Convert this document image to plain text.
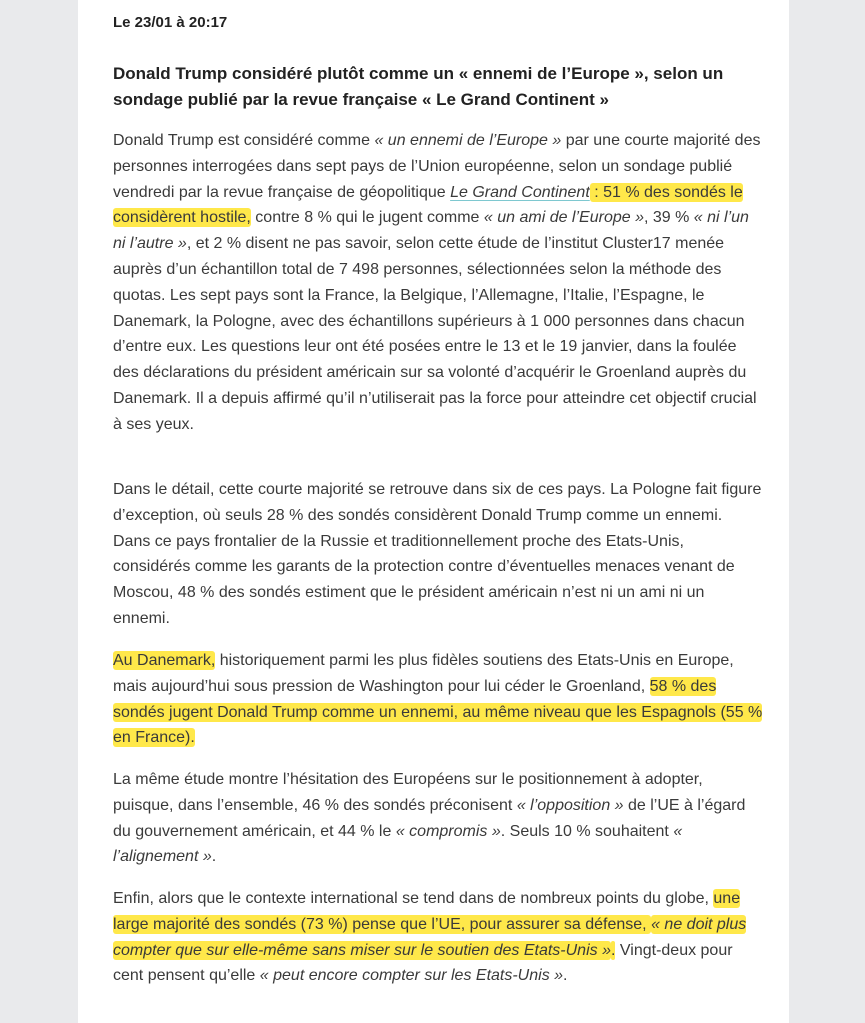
Le 23/01 à 20:17
Donald Trump considéré plutôt comme un « ennemi de l’Europe », selon un sondage publié par la revue française « Le Grand Continent »

Donald Trump est considéré comme « un ennemi de l’Europe » par une courte majorité des personnes interrogées dans sept pays de l’Union européenne, selon un sondage publié vendredi par la revue française de géopolitique Le Grand Continent : 51 % des sondés le considèrent hostile, contre 8 % qui le jugent comme « un ami de l’Europe », 39 % « ni l’un ni l’autre », et 2 % disent ne pas savoir, selon cette étude de l’institut Cluster17 menée auprès d’un échantillon total de 7 498 personnes, sélectionnées selon la méthode des quotas. Les sept pays sont la France, la Belgique, l’Allemagne, l’Italie, l’Espagne, le Danemark, la Pologne, avec des échantillons supérieurs à 1 000 personnes dans chacun d’entre eux. Les questions leur ont été posées entre le 13 et le 19 janvier, dans la foulée des déclarations du président américain sur sa volonté d’acquérir le Groenland auprès du Danemark. Il a depuis affirmé qu’il n’utiliserait pas la force pour atteindre cet objectif crucial à ses yeux.

Dans le détail, cette courte majorité se retrouve dans six de ces pays. La Pologne fait figure d’exception, où seuls 28 % des sondés considèrent Donald Trump comme un ennemi. Dans ce pays frontalier de la Russie et traditionnellement proche des Etats-Unis, considérés comme les garants de la protection contre d’éventuelles menaces venant de Moscou, 48 % des sondés estiment que le président américain n’est ni un ami ni un ennemi.

Au Danemark, historiquement parmi les plus fidèles soutiens des Etats-Unis en Europe, mais aujourd’hui sous pression de Washington pour lui céder le Groenland, 58 % des sondés jugent Donald Trump comme un ennemi, au même niveau que les Espagnols (55 % en France).

La même étude montre l’hésitation des Européens sur le positionnement à adopter, puisque, dans l’ensemble, 46 % des sondés préconisent « l’opposition » de l’UE à l’égard du gouvernement américain, et 44 % le « compromis ». Seuls 10 % souhaitent « l’alignement ».

Enfin, alors que le contexte international se tend dans de nombreux points du globe, une large majorité des sondés (73 %) pense que l’UE, pour assurer sa défense, « ne doit plus compter que sur elle-même sans miser sur le soutien des Etats-Unis ». Vingt-deux pour cent pensent qu’elle « peut encore compter sur les Etats-Unis ».
